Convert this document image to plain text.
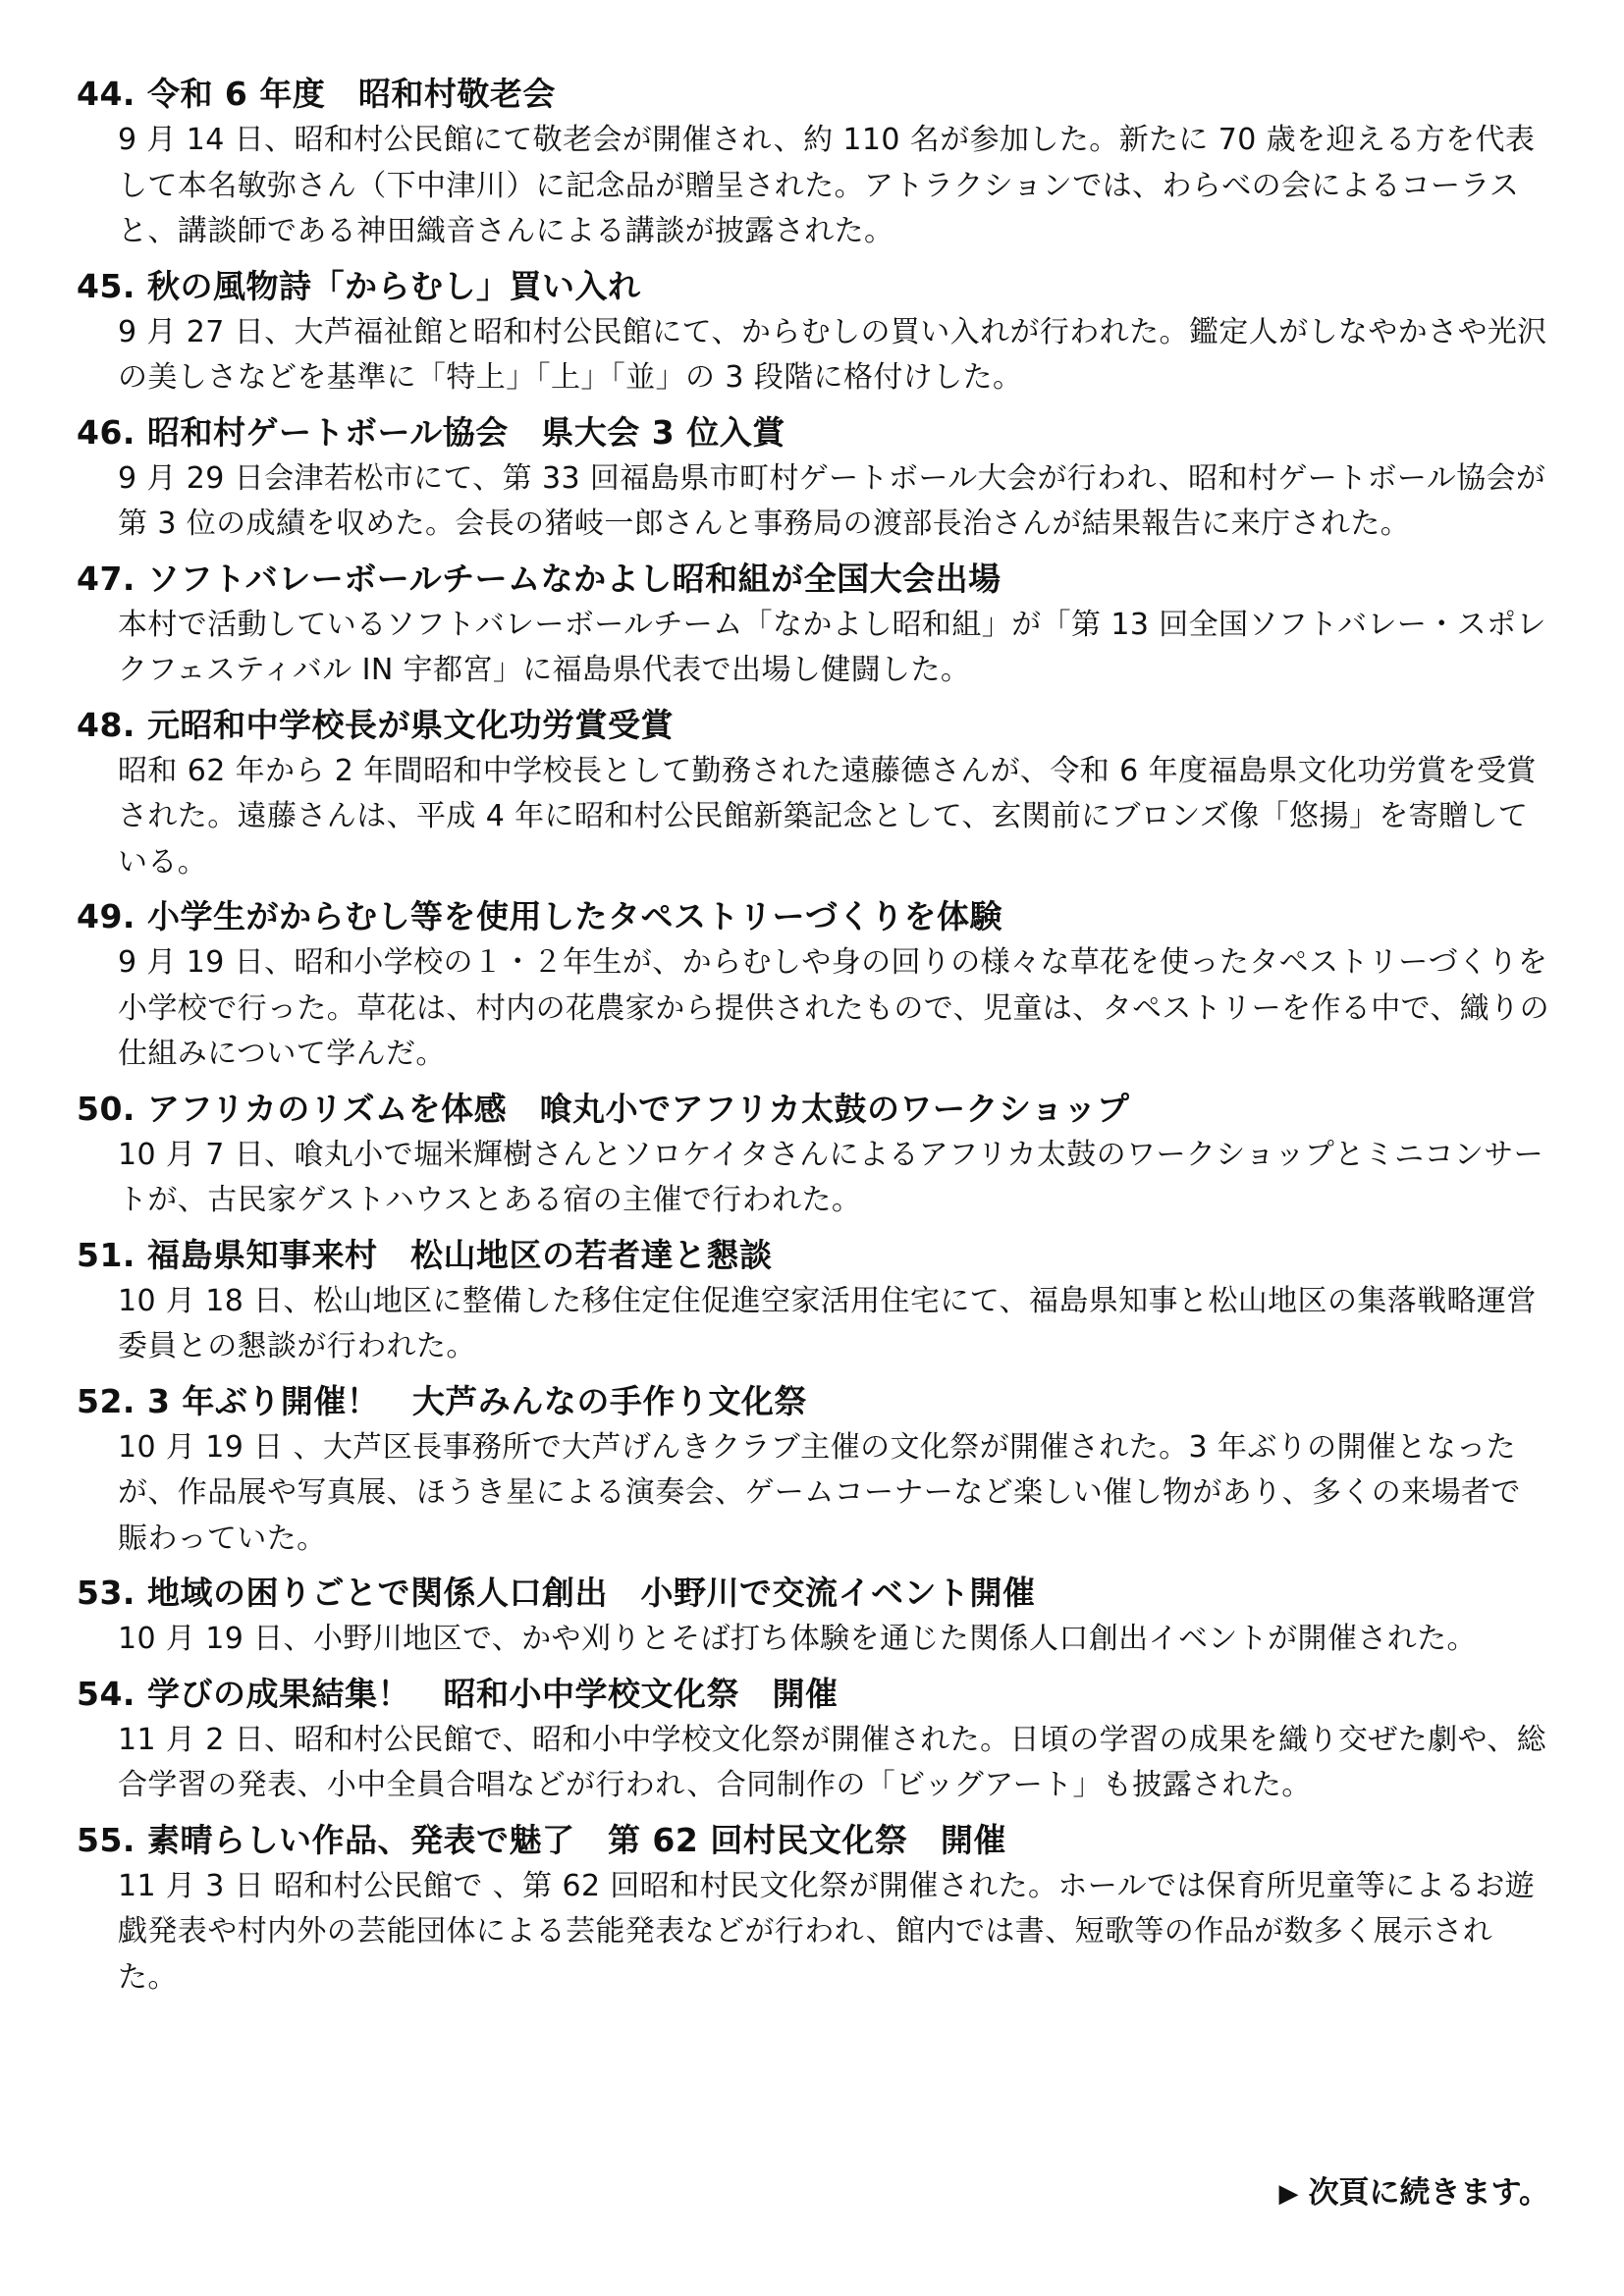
44. 令和 6 年度　昭和村敬老会
9 月 14 日、昭和村公民館にて敬老会が開催され、約 110 名が参加した。新たに 70 歳を迎える方を代表して本名敏弥さん（下中津川）に記念品が贈呈された。アトラクションでは、わらべの会によるコーラスと、講談師である神田織音さんによる講談が披露された。
45. 秋の風物詩「からむし」買い入れ
9 月 27 日、大芦福祉館と昭和村公民館にて、からむしの買い入れが行われた。鑑定人がしなやかさや光沢の美しさなどを基準に「特上」「上」「並」の 3 段階に格付けした。
46. 昭和村ゲートボール協会　県大会 3 位入賞
9 月 29 日会津若松市にて、第 33 回福島県市町村ゲートボール大会が行われ、昭和村ゲートボール協会が第 3 位の成績を収めた。会長の猪岐一郎さんと事務局の渡部長治さんが結果報告に来庁された。
47. ソフトバレーボールチームなかよし昭和組が全国大会出場
本村で活動しているソフトバレーボールチーム「なかよし昭和組」が「第 13 回全国ソフトバレー・スポレクフェスティバル IN 宇都宮」に福島県代表で出場し健闘した。
48. 元昭和中学校長が県文化功労賞受賞
昭和 62 年から 2 年間昭和中学校長として勤務された遠藤德さんが、令和 6 年度福島県文化功労賞を受賞された。遠藤さんは、平成 4 年に昭和村公民館新築記念として、玄関前にブロンズ像「悠揚」を寄贈している。
49. 小学生がからむし等を使用したタペストリーづくりを体験
9 月 19 日、昭和小学校の１・２年生が、からむしや身の回りの様々な草花を使ったタペストリーづくりを小学校で行った。草花は、村内の花農家から提供されたもので、児童は、タペストリーを作る中で、織りの仕組みについて学んだ。
50. アフリカのリズムを体感　喰丸小でアフリカ太鼓のワークショップ
10 月 7 日、喰丸小で堀米輝樹さんとソロケイタさんによるアフリカ太鼓のワークショップとミニコンサートが、古民家ゲストハウスとある宿の主催で行われた。
51. 福島県知事来村　松山地区の若者達と懇談
10 月 18 日、松山地区に整備した移住定住促進空家活用住宅にて、福島県知事と松山地区の集落戦略運営委員との懇談が行われた。
52. 3 年ぶり開催！　大芦みんなの手作り文化祭
10 月 19 日 、大芦区長事務所で大芦げんきクラブ主催の文化祭が開催された。3 年ぶりの開催となったが、作品展や写真展、ほうき星による演奏会、ゲームコーナーなど楽しい催し物があり、多くの来場者で賑わっていた。
53. 地域の困りごとで関係人口創出　小野川で交流イベント開催
10 月 19 日、小野川地区で、かや刈りとそば打ち体験を通じた関係人口創出イベントが開催された。
54. 学びの成果結集！　昭和小中学校文化祭　開催
11 月 2 日、昭和村公民館で、昭和小中学校文化祭が開催された。日頃の学習の成果を織り交ぜた劇や、総合学習の発表、小中全員合唱などが行われ、合同制作の「ビッグアート」も披露された。
55. 素晴らしい作品、発表で魅了　第 62 回村民文化祭　開催
11 月 3 日 昭和村公民館で 、第 62 回昭和村民文化祭が開催された。ホールでは保育所児童等によるお遊戯発表や村内外の芸能団体による芸能発表などが行われ、館内では書、短歌等の作品が数多く展示された。
▶ 次頁に続きます。
